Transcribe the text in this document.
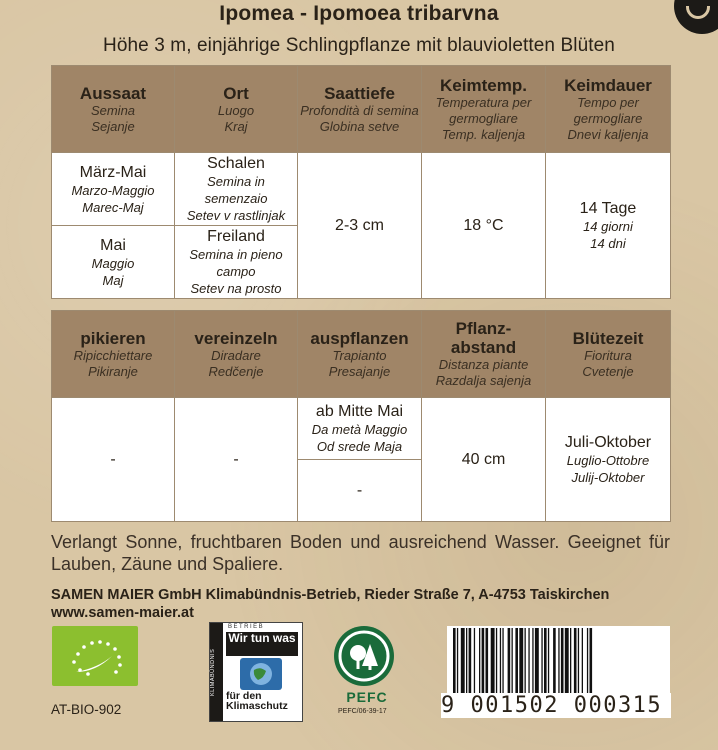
Ipomea - Ipomoea tribarvna
Höhe 3 m, einjährige Schlingpflanze mit blauvioletten Blüten
Aussaat
Semina
Sejanje	Ort
Luogo
Kraj	Saattiefe
Profondità di semina
Globina setve	Keimtemp.
Temperatura per germogliare
Temp. kaljenja	Keimdauer
Tempo per germogliare
Dnevi kaljenja

März-Mai
Marzo-Maggio
Marec-Maj	Schalen
Semina in semenzaio
Setev v rastlinjak	2-3 cm	18 °C	14 Tage
14 giorni
14 dni

Mai
Maggio
Maj	Freiland
Semina in pieno campo
Setev na prosto			
pikieren
Ripicchiettare
Pikiranje	vereinzeln
Diradare
Redčenje	auspflanzen
Trapianto
Presajanje	Pflanz-abstand
Distanza piante
Razdalja sajenja	Blütezeit
Fioritura
Cvetenje

-	-	ab Mitte Mai
Da metà Maggio
Od srede Maja	40 cm	Juli-Oktober
Luglio-Ottobre
Julij-Oktober

		-		
Verlangt Sonne, fruchtbaren Boden und ausreichend Wasser. Geeignet für Lauben, Zäune und Spaliere.
SAMEN MAIER GmbH Klimabündnis-Betrieb, Rieder Straße 7, A-4753 Taiskirchen
www.samen-maier.at
AT-BIO-902
KLIMABÜNDNIS
BETRIEB
Wir tun was
für den Klimaschutz
PEFC
PEFC/06-39-17 9 001502 000315
